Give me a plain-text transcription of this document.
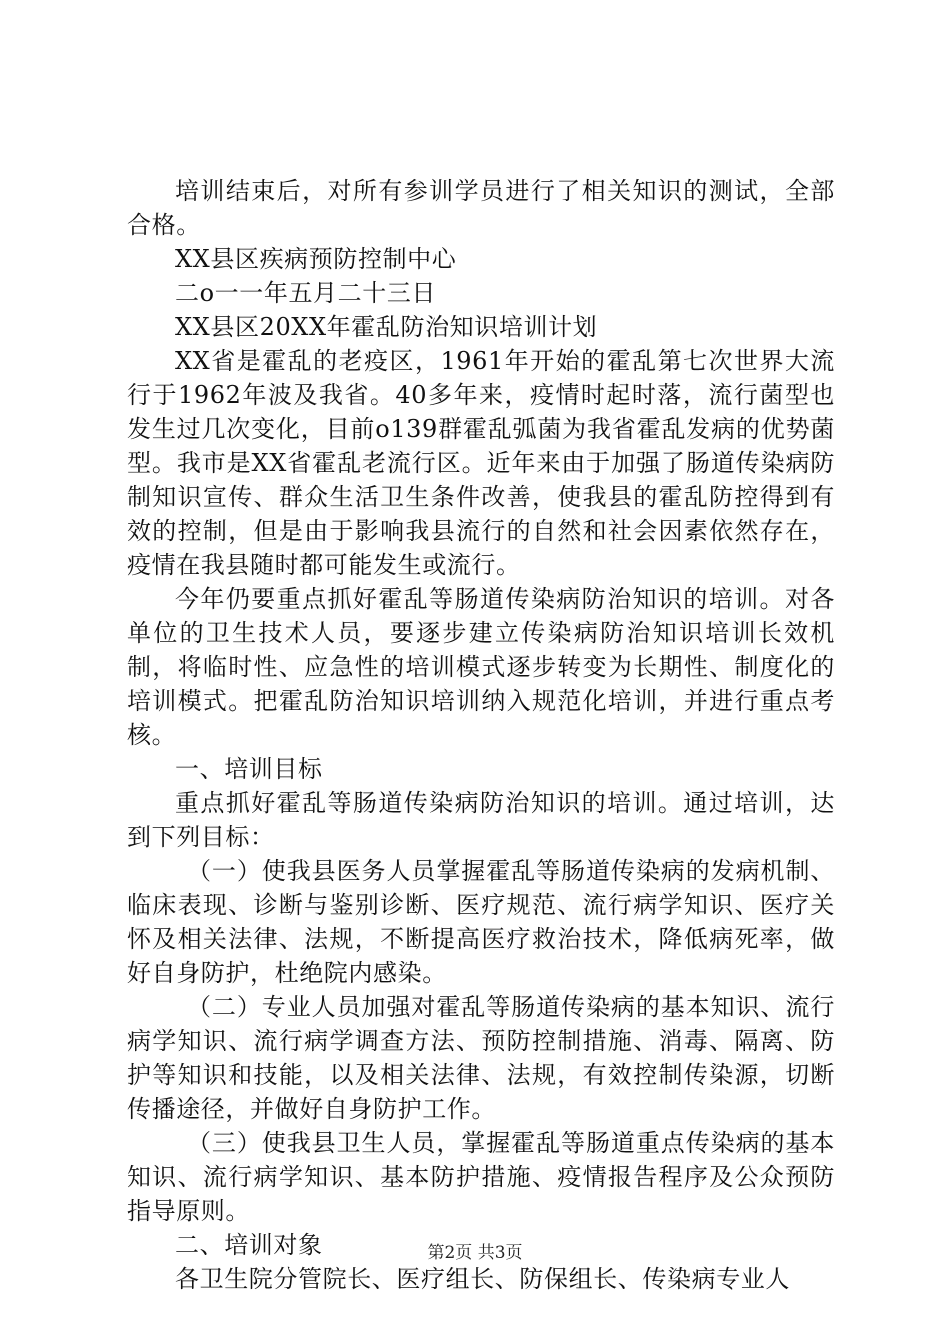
培训结束后，对所有参训学员进行了相关知识的测试，全部合格。

XX县区疾病预防控制中心

二o一一年五月二十三日

XX县区20XX年霍乱防治知识培训计划

XX省是霍乱的老疫区，1961年开始的霍乱第七次世界大流行于1962年波及我省。40多年来，疫情时起时落，流行菌型也发生过几次变化，目前o139群霍乱弧菌为我省霍乱发病的优势菌型。我市是XX省霍乱老流行区。近年来由于加强了肠道传染病防制知识宣传、群众生活卫生条件改善，使我县的霍乱防控得到有效的控制，但是由于影响我县流行的自然和社会因素依然存在，疫情在我县随时都可能发生或流行。

今年仍要重点抓好霍乱等肠道传染病防治知识的培训。对各单位的卫生技术人员，要逐步建立传染病防治知识培训长效机制，将临时性、应急性的培训模式逐步转变为长期性、制度化的培训模式。把霍乱防治知识培训纳入规范化培训，并进行重点考核。

一、培训目标

重点抓好霍乱等肠道传染病防治知识的培训。通过培训，达到下列目标：

（一）使我县医务人员掌握霍乱等肠道传染病的发病机制、临床表现、诊断与鉴别诊断、医疗规范、流行病学知识、医疗关怀及相关法律、法规，不断提高医疗救治技术，降低病死率，做好自身防护，杜绝院内感染。

（二）专业人员加强对霍乱等肠道传染病的基本知识、流行病学知识、流行病学调查方法、预防控制措施、消毒、隔离、防护等知识和技能，以及相关法律、法规，有效控制传染源，切断传播途径，并做好自身防护工作。

（三）使我县卫生人员，掌握霍乱等肠道重点传染病的基本知识、流行病学知识、基本防护措施、疫情报告程序及公众预防指导原则。

二、培训对象

各卫生院分管院长、医疗组长、防保组长、传染病专业人

第2页 共3页
